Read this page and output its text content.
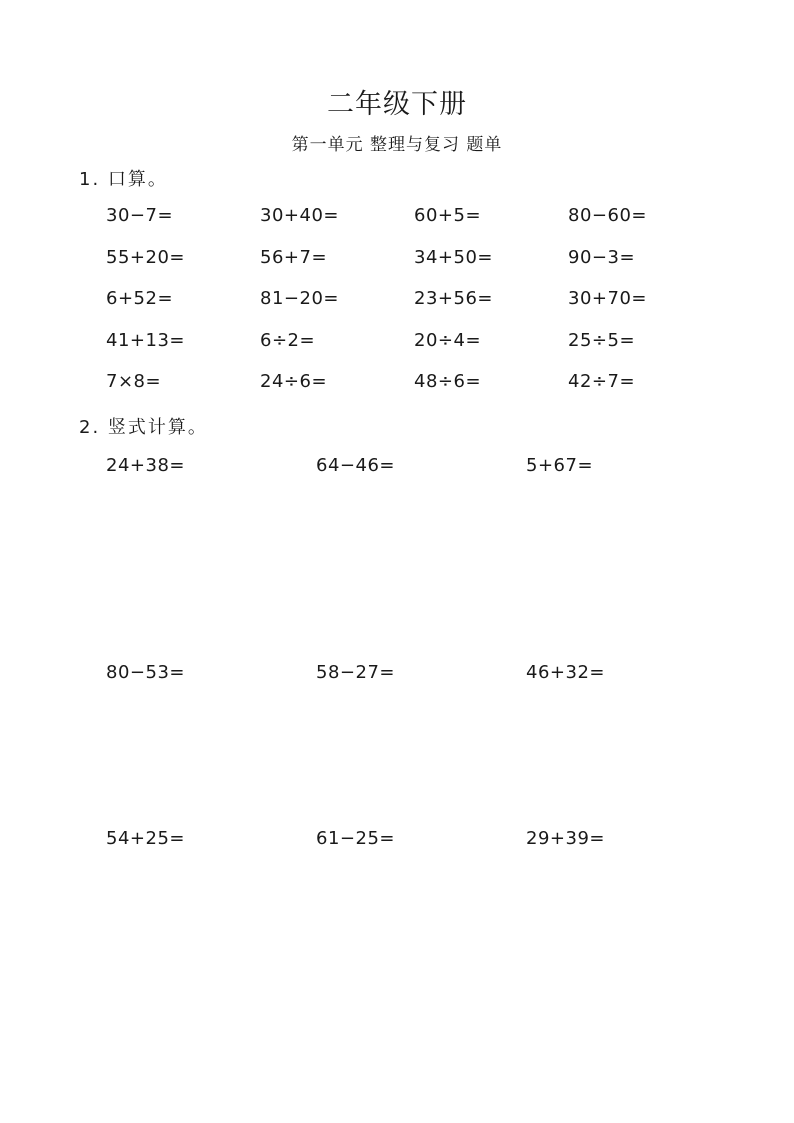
二年级下册
第一单元 整理与复习 题单
1. 口算。
30−7=	30+40=	60+5=	80−60=
55+20=	56+7=	34+50=	90−3=
6+52=	81−20=	23+56=	30+70=
41+13=	6÷2=	20÷4=	25÷5=
7×8=	24÷6=	48÷6=	42÷7=
2. 竖式计算。
24+38=	64−46=	5+67=
80−53=	58−27=	46+32=
54+25=	61−25=	29+39=
